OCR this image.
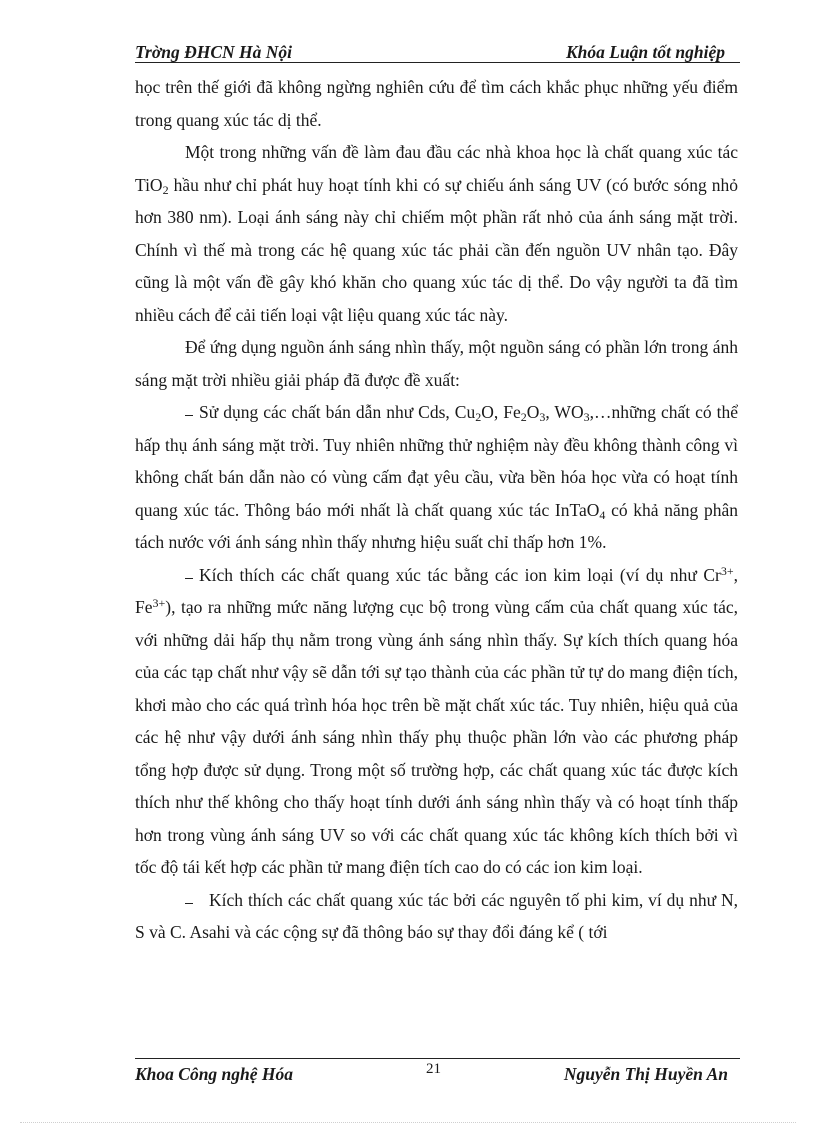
Trờng ĐHCN Hà Nội	Khóa Luận tốt nghiệp

học trên thế giới đã không ngừng nghiên cứu để tìm cách khắc phục những yếu điểm trong quang xúc tác dị thể.

Một trong những vấn đề làm đau đầu các nhà khoa học là chất quang xúc tác TiO$_2$ hầu như chỉ phát huy hoạt tính khi có sự chiếu ánh sáng UV (có bước sóng nhỏ hơn 380 nm). Loại ánh sáng này chỉ chiếm một phần rất nhỏ của ánh sáng mặt trời. Chính vì thế mà trong các hệ quang xúc tác phải cần đến nguồn UV nhân tạo. Đây cũng là một vấn đề gây khó khăn cho quang xúc tác dị thể. Do vậy người ta đã tìm nhiều cách để cải tiến loại vật liệu quang xúc tác này.

Để ứng dụng nguồn ánh sáng nhìn thấy, một nguồn sáng có phần lớn trong ánh sáng mặt trời nhiều giải pháp đã được đề xuất:

Sử dụng các chất bán dẫn như Cds, $Cu_2O$, $Fe_2O_3$, $WO_3,\dots những$ chất có thể hấp thụ ánh sáng mặt trời. Tuy nhiên những thử nghiệm này đều không thành công vì không chất bán dẫn nào có vùng cấm đạt yêu cầu, vừa bền hóa học vừa có hoạt tính quang xúc tác. Thông báo mới nhất là chất quang xúc tác InTaO$_4$ có khả năng phân tách nước với ánh sáng nhìn thấy nhưng hiệu suất chỉ thấp hơn 1%.

Kích thích các chất quang xúc tác bằng các ion kim loại (ví dụ như $Cr^{3+}$, $Fe^{3+}$), tạo ra những mức năng lượng cục bộ trong vùng cấm của chất quang xúc tác, với những dải hấp thụ nằm trong vùng ánh sáng nhìn thấy. Sự kích thích quang hóa của các tạp chất như vậy sẽ dẫn tới sự tạo thành của các phần tử tự do mang điện tích, khơi mào cho các quá trình hóa học trên bề mặt chất xúc tác. Tuy nhiên, hiệu quả của các hệ như vậy dưới ánh sáng nhìn thấy phụ thuộc phần lớn vào các phương pháp tổng hợp được sử dụng. Trong một số trường hợp, các chất quang xúc tác được kích thích như thế không cho thấy hoạt tính dưới ánh sáng nhìn thấy và có hoạt tính thấp hơn trong vùng ánh sáng UV so với các chất quang xúc tác không kích thích bởi vì tốc độ tái kết hợp các phần tử mang điện tích cao do có các ion kim loại.

Kích thích các chất quang xúc tác bởi các nguyên tố phi kim, ví dụ như N, S và C. Asahi và các cộng sự đã thông báo sự thay đổi đáng kể ( tới

Khoa Công nghệ Hóa	21	Nguyễn Thị Huyền An
